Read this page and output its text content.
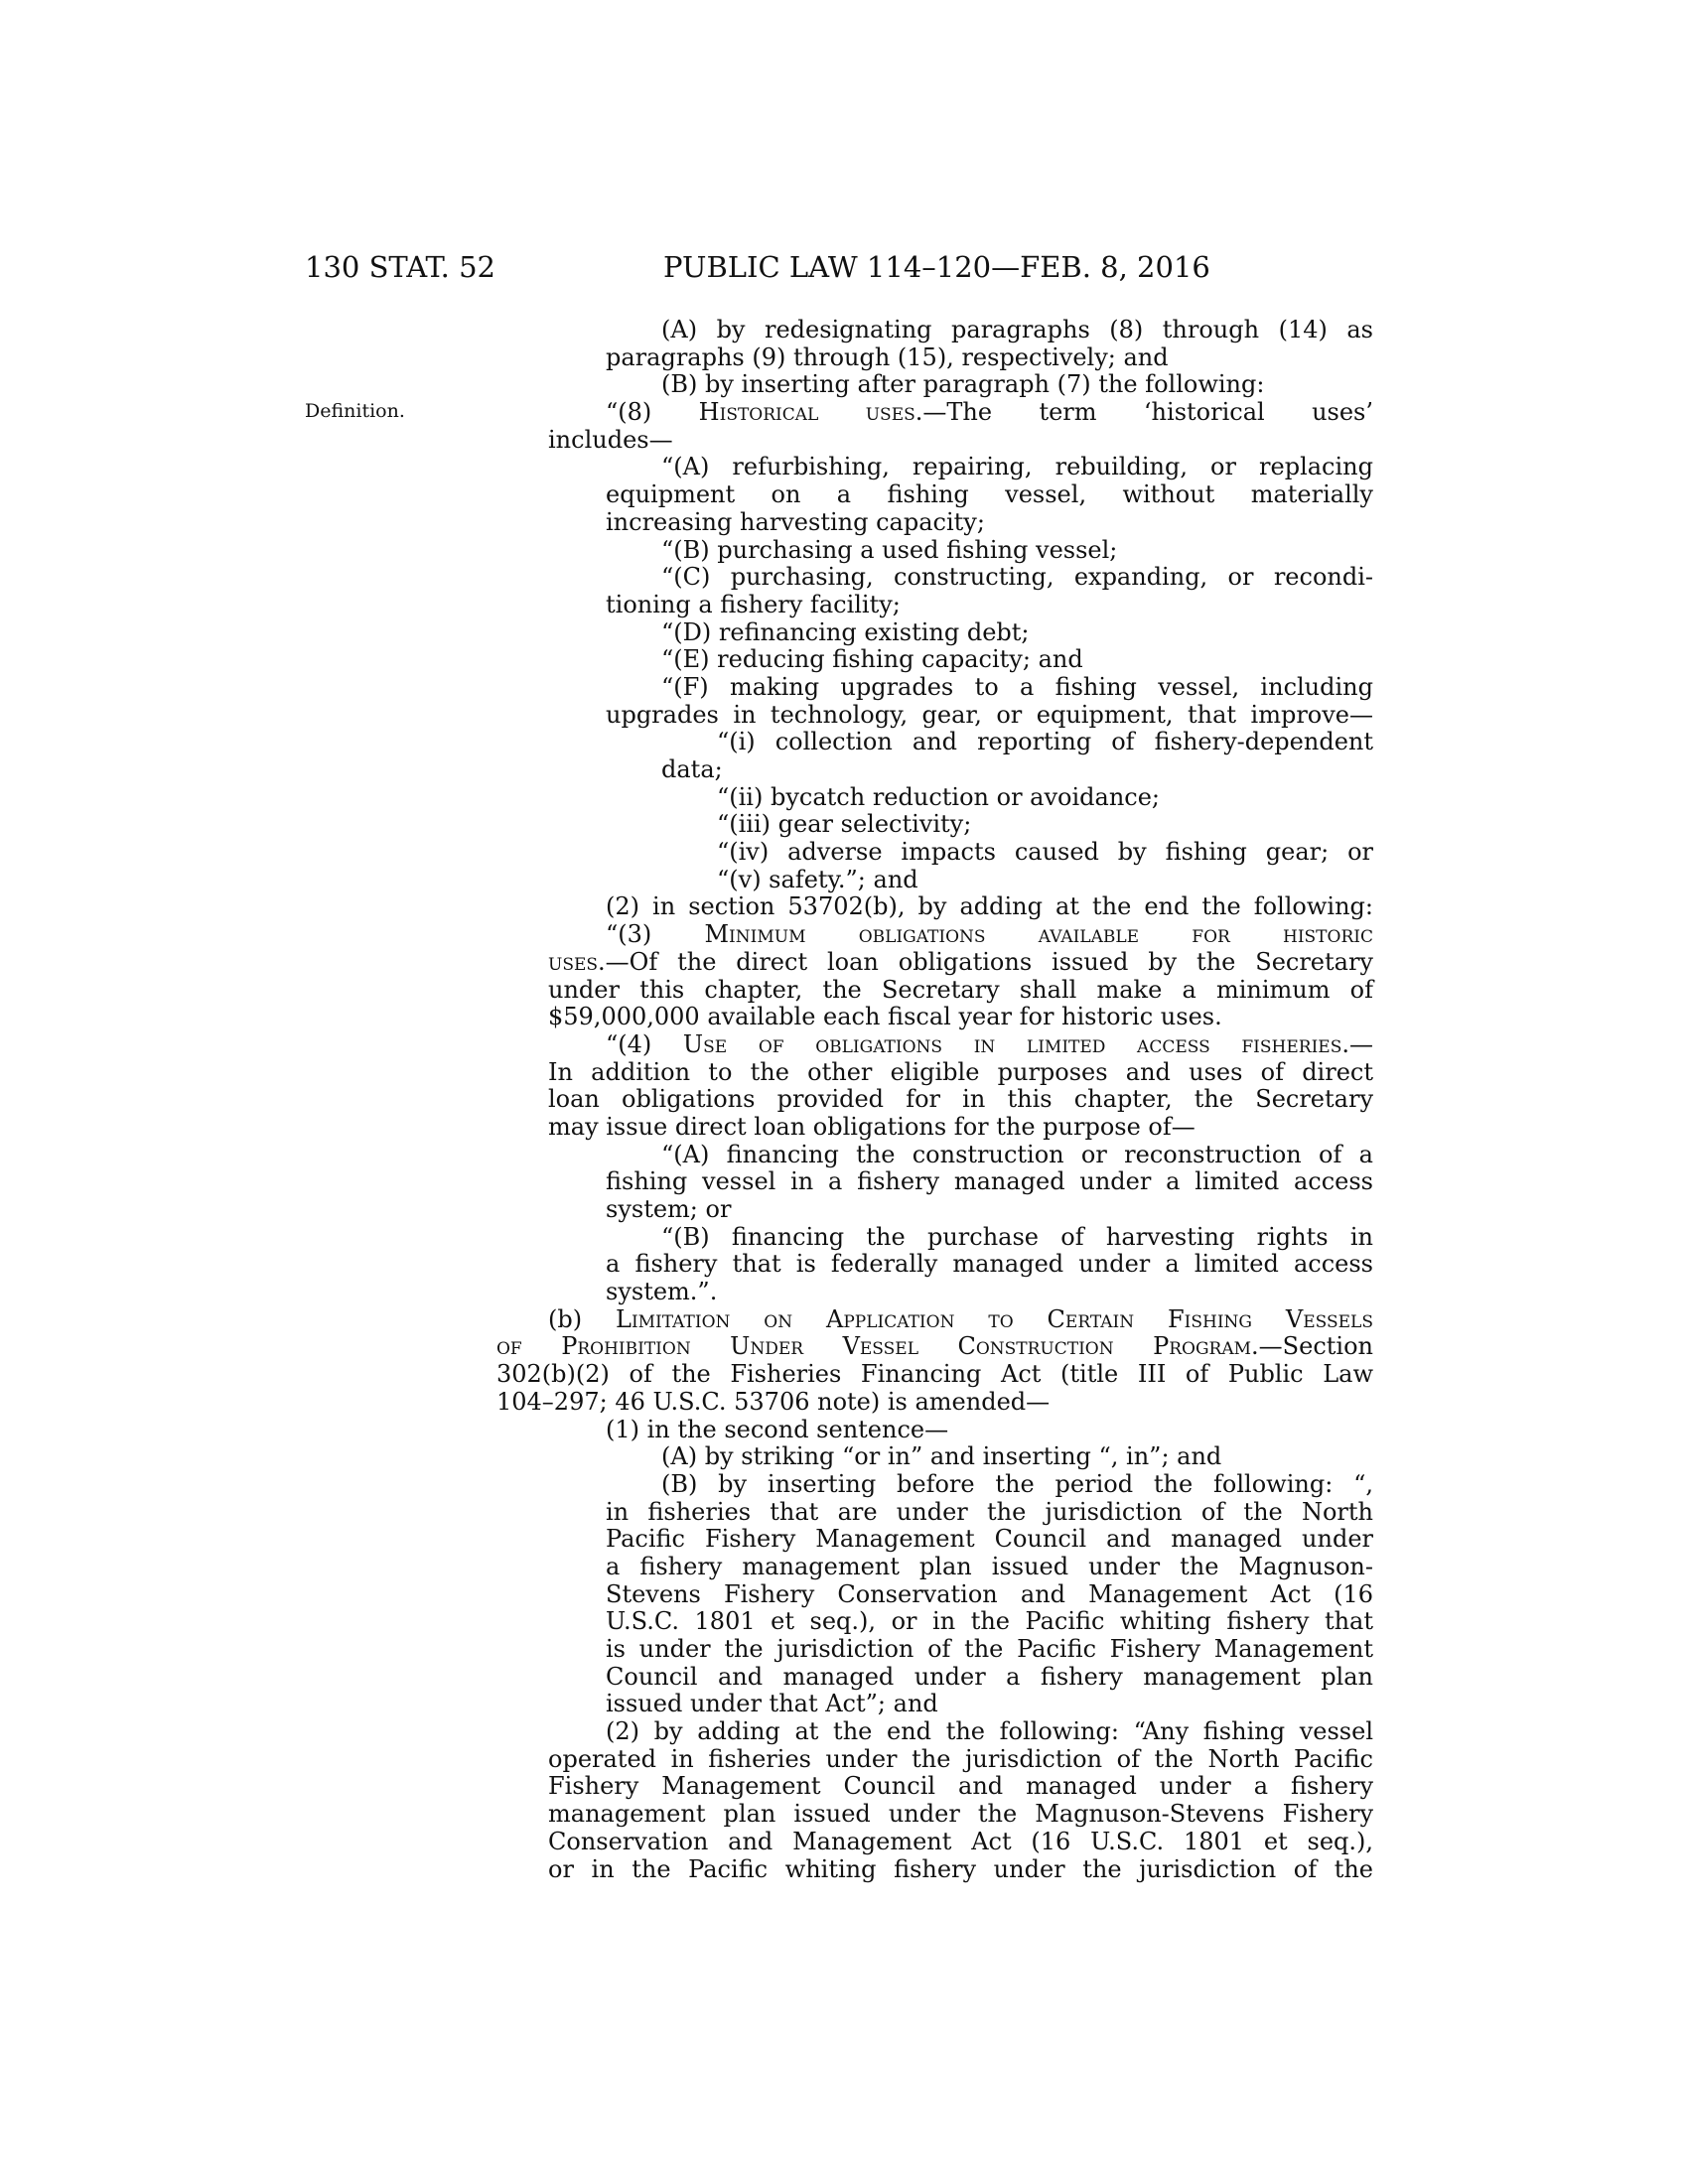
130 STAT. 52	PUBLIC LAW 114–120—FEB. 8, 2016
Definition.
(A) by redesignating paragraphs (8) through (14) as
paragraphs (9) through (15), respectively; and
(B) by inserting after paragraph (7) the following:
“(8) Historical uses.—The term ‘historical uses’
includes—
“(A) refurbishing, repairing, rebuilding, or replacing
equipment on a fishing vessel, without materially
increasing harvesting capacity;
“(B) purchasing a used fishing vessel;
“(C) purchasing, constructing, expanding, or recondi-
tioning a fishery facility;
“(D) refinancing existing debt;
“(E) reducing fishing capacity; and
“(F) making upgrades to a fishing vessel, including
upgrades in technology, gear, or equipment, that improve—
“(i) collection and reporting of fishery-dependent
data;
“(ii) bycatch reduction or avoidance;
“(iii) gear selectivity;
“(iv) adverse impacts caused by fishing gear; or
“(v) safety.”; and
(2) in section 53702(b), by adding at the end the following:
“(3) Minimum obligations available for historic
uses.—Of the direct loan obligations issued by the Secretary
under this chapter, the Secretary shall make a minimum of
$59,000,000 available each fiscal year for historic uses.
“(4) Use of obligations in limited access fisheries.—
In addition to the other eligible purposes and uses of direct
loan obligations provided for in this chapter, the Secretary
may issue direct loan obligations for the purpose of—
“(A) financing the construction or reconstruction of a
fishing vessel in a fishery managed under a limited access
system; or
“(B) financing the purchase of harvesting rights in
a fishery that is federally managed under a limited access
system.”.
(b) Limitation on Application to Certain Fishing Vessels
of Prohibition Under Vessel Construction Program.—Section
302(b)(2) of the Fisheries Financing Act (title III of Public Law
104–297; 46 U.S.C. 53706 note) is amended—
(1) in the second sentence—
(A) by striking “or in” and inserting “, in”; and
(B) by inserting before the period the following: “,
in fisheries that are under the jurisdiction of the North
Pacific Fishery Management Council and managed under
a fishery management plan issued under the Magnuson-
Stevens Fishery Conservation and Management Act (16
U.S.C. 1801 et seq.), or in the Pacific whiting fishery that
is under the jurisdiction of the Pacific Fishery Management
Council and managed under a fishery management plan
issued under that Act”; and
(2) by adding at the end the following: “Any fishing vessel
operated in fisheries under the jurisdiction of the North Pacific
Fishery Management Council and managed under a fishery
management plan issued under the Magnuson-Stevens Fishery
Conservation and Management Act (16 U.S.C. 1801 et seq.),
or in the Pacific whiting fishery under the jurisdiction of the
